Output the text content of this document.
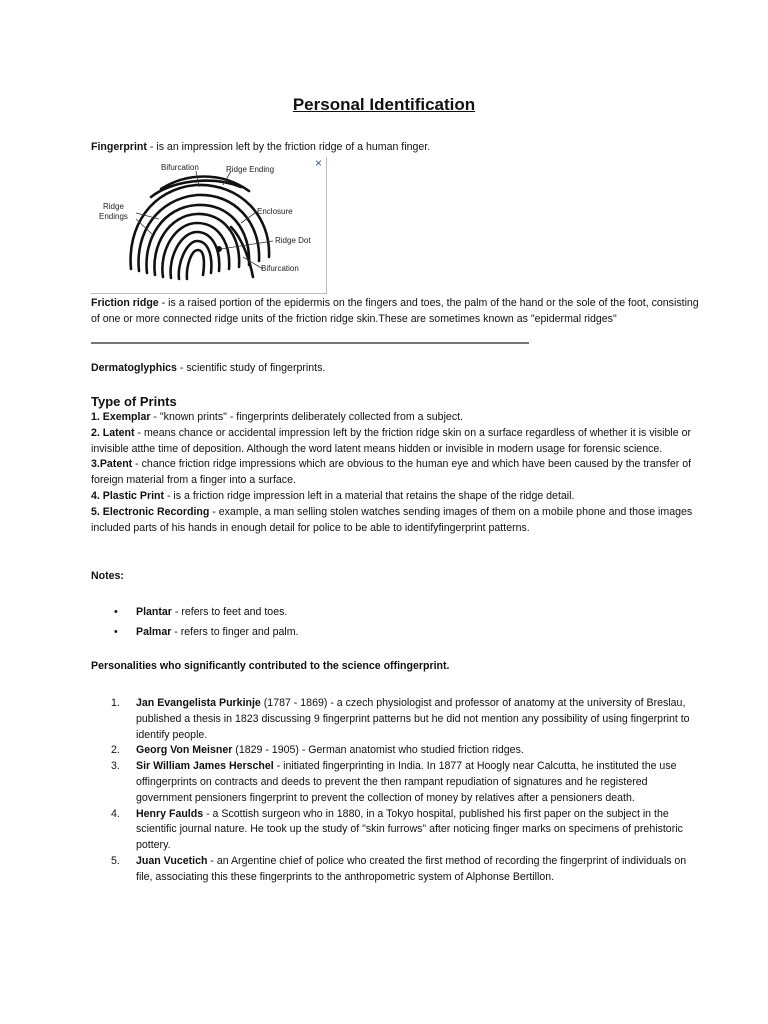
Personal Identification
Fingerprint - is an impression left by the friction ridge of a human finger.
Bifurcation	Ridge Ending
Ridge
Endings
Enclosure
Ridge Dot
Bifurcation
×
Friction ridge - is a raised portion of the epidermis on the fingers and toes, the palm of the hand or the sole of the foot, consisting of one or more connected ridge units of the friction ridge skin.These are sometimes known as "epidermal ridges"
Dermatoglyphics - scientific study of fingerprints.
Type of Prints
1. Exemplar - "known prints" - fingerprints deliberately collected from a subject.
2. Latent - means chance or accidental impression left by the friction ridge skin on a surface regardless of whether it is visible or invisible atthe time of deposition. Although the word latent means hidden or invisible in modern usage for forensic science.
3.Patent - chance friction ridge impressions which are obvious to the human eye and which have been caused by the transfer of foreign material from a finger into a surface.
4. Plastic Print - is a friction ridge impression left in a material that retains the shape of the ridge detail.
5. Electronic Recording - example, a man selling stolen watches sending images of them on a mobile phone and those images included parts of his hands in enough detail for police to be able to identifyfingerprint patterns.
Notes:
• Plantar - refers to feet and toes.
• Palmar - refers to finger and palm.
Personalities who significantly contributed to the science offingerprint.
1. Jan Evangelista Purkinje (1787 - 1869) - a czech physiologist and professor of anatomy at the university of Breslau, published a thesis in 1823 discussing 9 fingerprint patterns but he did not mention any possibility of using fingerprint to identify people.
2. Georg Von Meisner (1829 - 1905) - German anatomist who studied friction ridges.
3. Sir William James Herschel - initiated fingerprinting in India. In 1877 at Hoogly near Calcutta, he instituted the use offingerprints on contracts and deeds to prevent the then rampant repudiation of signatures and he registered government pensioners fingerprint to prevent the collection of money by relatives after a pensioners death.
4. Henry Faulds - a Scottish surgeon who in 1880, in a Tokyo hospital, published his first paper on the subject in the scientific journal nature. He took up the study of "skin furrows" after noticing finger marks on specimens of prehistoric pottery.
5. Juan Vucetich - an Argentine chief of police who created the first method of recording the fingerprint of individuals on file, associating this these fingerprints to the anthropometric system of Alphonse Bertillon.
